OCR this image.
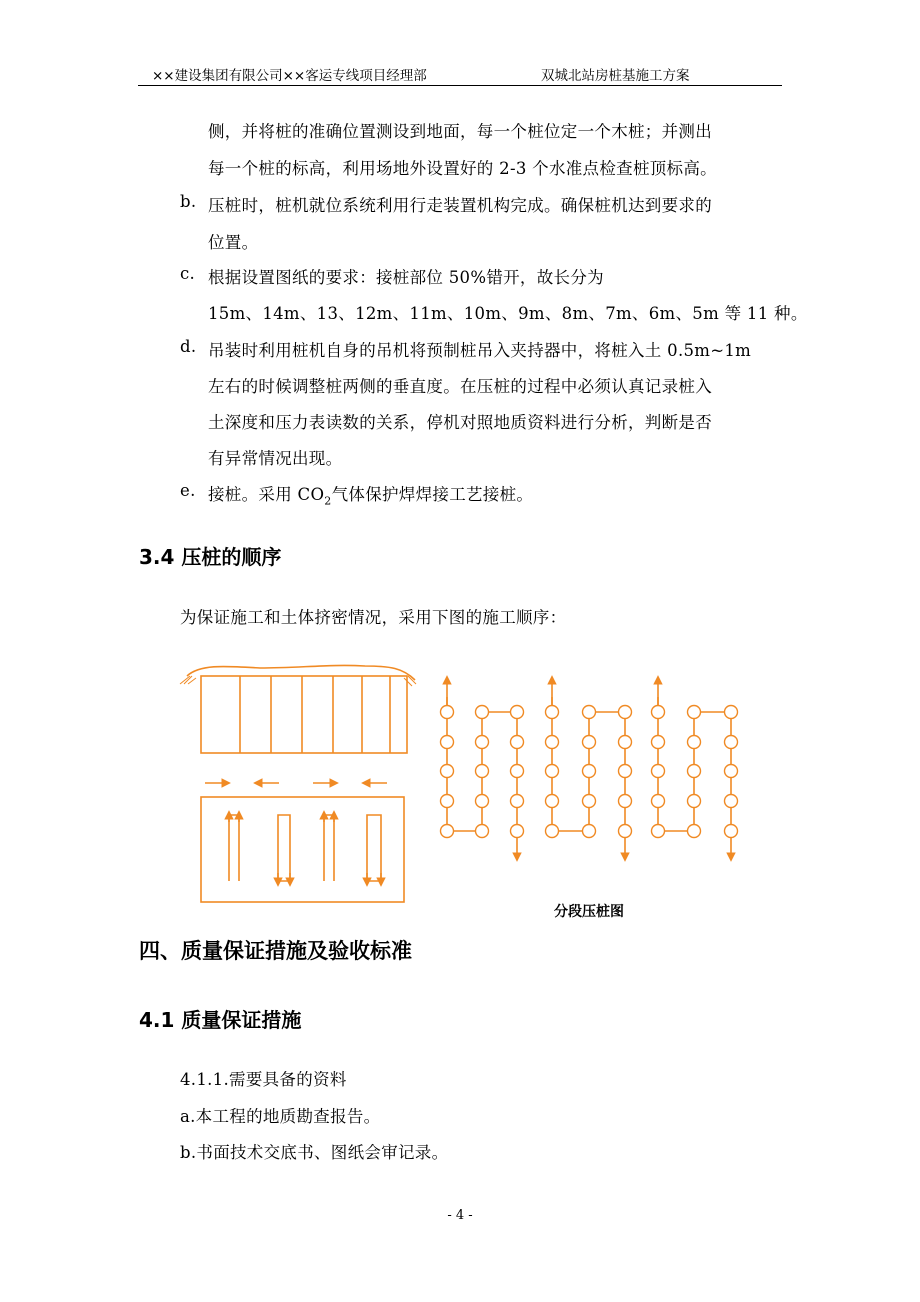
××建设集团有限公司××客运专线项目经理部	双城北站房桩基施工方案
侧，并将桩的准确位置测设到地面，每一个桩位定一个木桩；并测出
每一个桩的标高，利用场地外设置好的 2-3 个水准点检查桩顶标高。
b. 压桩时，桩机就位系统利用行走装置机构完成。确保桩机达到要求的
位置。
c. 根据设置图纸的要求：接桩部位 50%错开，故长分为
15m、14m、13、12m、11m、10m、9m、8m、7m、6m、5m 等 11 种。
d. 吊装时利用桩机自身的吊机将预制桩吊入夹持器中，将桩入土 0.5m~1m
左右的时候调整桩两侧的垂直度。在压桩的过程中必须认真记录桩入
土深度和压力表读数的关系，停机对照地质资料进行分析，判断是否
有异常情况出现。
e. 接桩。采用 $CO_2$气体保护焊焊接工艺接桩。
3.4 压桩的顺序
为保证施工和土体挤密情况，采用下图的施工顺序：
分段压桩图
四、质量保证措施及验收标准
4.1 质量保证措施
4.1.1.需要具备的资料
a.本工程的地质勘查报告。
b.书面技术交底书、图纸会审记录。
- 4 -
